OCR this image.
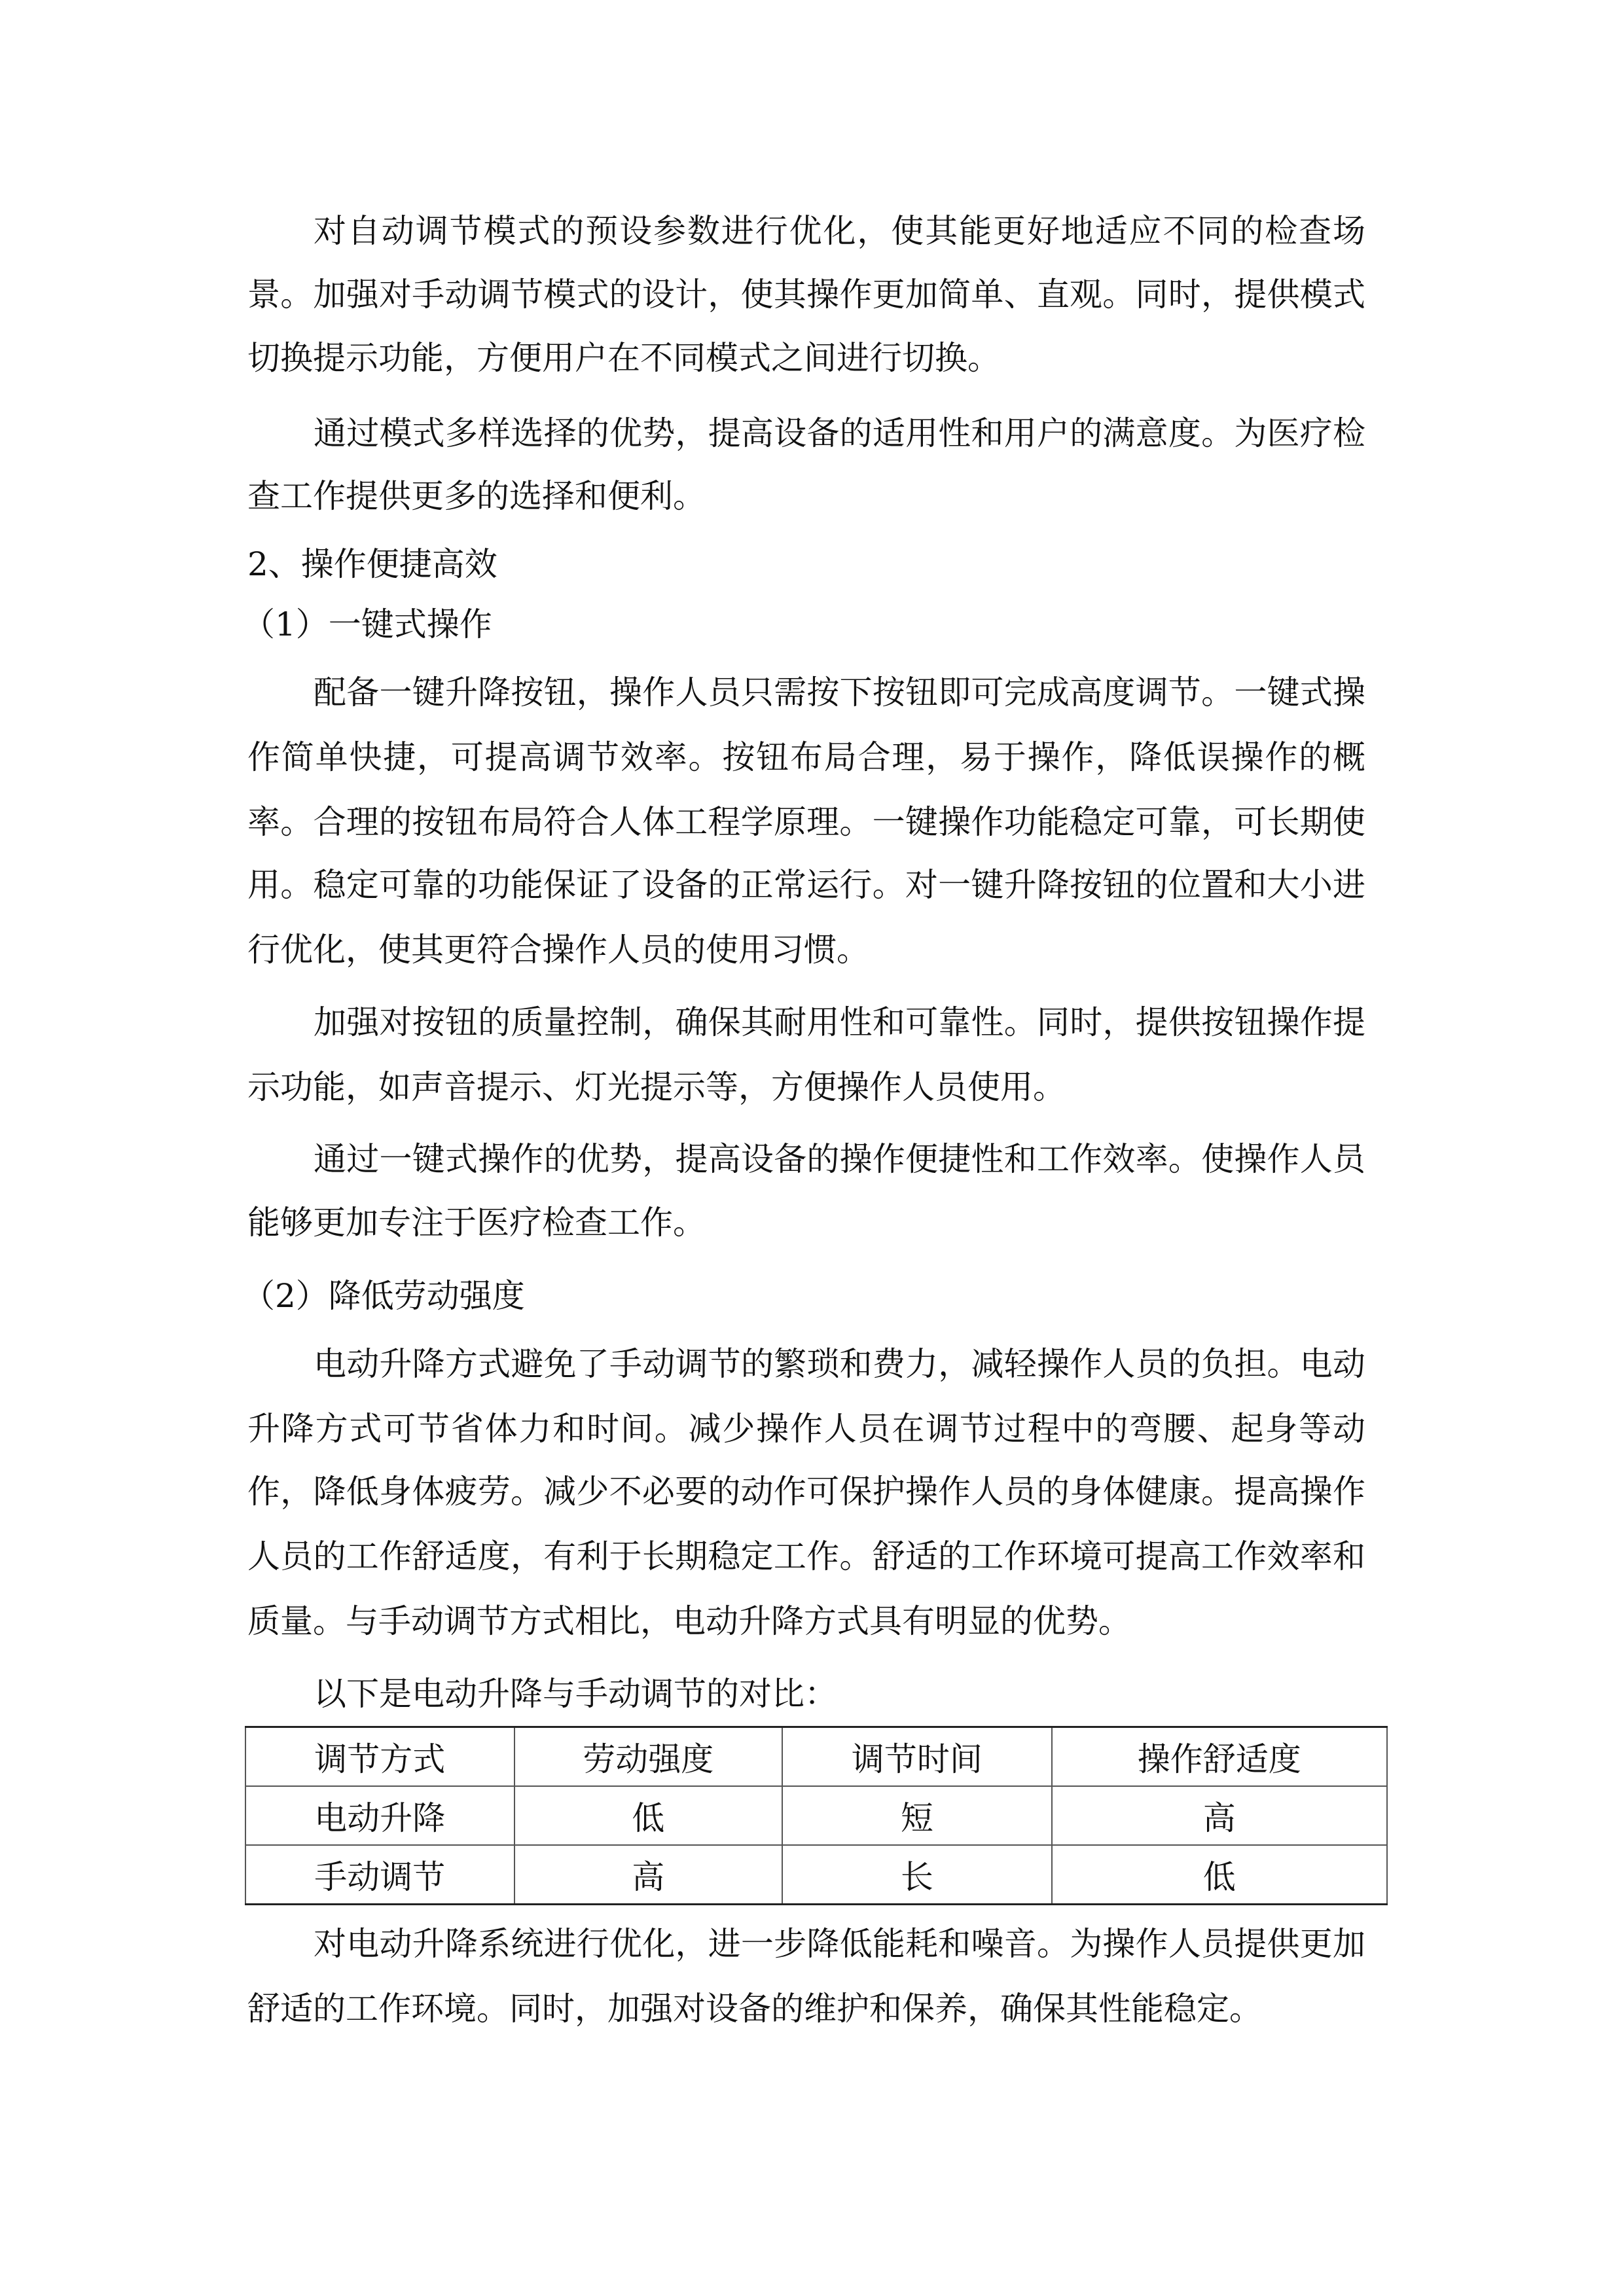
对自动调节模式的预设参数进行优化，使其能更好地适应不同的检查场
景。加强对手动调节模式的设计，使其操作更加简单、直观。同时，提供模式
切换提示功能，方便用户在不同模式之间进行切换。
通过模式多样选择的优势，提高设备的适用性和用户的满意度。为医疗检
查工作提供更多的选择和便利。
2、操作便捷高效
（1）一键式操作
配备一键升降按钮，操作人员只需按下按钮即可完成高度调节。一键式操
作简单快捷，可提高调节效率。按钮布局合理，易于操作，降低误操作的概
率。合理的按钮布局符合人体工程学原理。一键操作功能稳定可靠，可长期使
用。稳定可靠的功能保证了设备的正常运行。对一键升降按钮的位置和大小进
行优化，使其更符合操作人员的使用习惯。
加强对按钮的质量控制，确保其耐用性和可靠性。同时，提供按钮操作提
示功能，如声音提示、灯光提示等，方便操作人员使用。
通过一键式操作的优势，提高设备的操作便捷性和工作效率。使操作人员
能够更加专注于医疗检查工作。
（2）降低劳动强度
电动升降方式避免了手动调节的繁琐和费力，减轻操作人员的负担。电动
升降方式可节省体力和时间。减少操作人员在调节过程中的弯腰、起身等动
作，降低身体疲劳。减少不必要的动作可保护操作人员的身体健康。提高操作
人员的工作舒适度，有利于长期稳定工作。舒适的工作环境可提高工作效率和
质量。与手动调节方式相比，电动升降方式具有明显的优势。
以下是电动升降与手动调节的对比：
调节方式	劳动强度	调节时间	操作舒适度
电动升降	低	短	高
手动调节	高	长	低
对电动升降系统进行优化，进一步降低能耗和噪音。为操作人员提供更加
舒适的工作环境。同时，加强对设备的维护和保养，确保其性能稳定。
